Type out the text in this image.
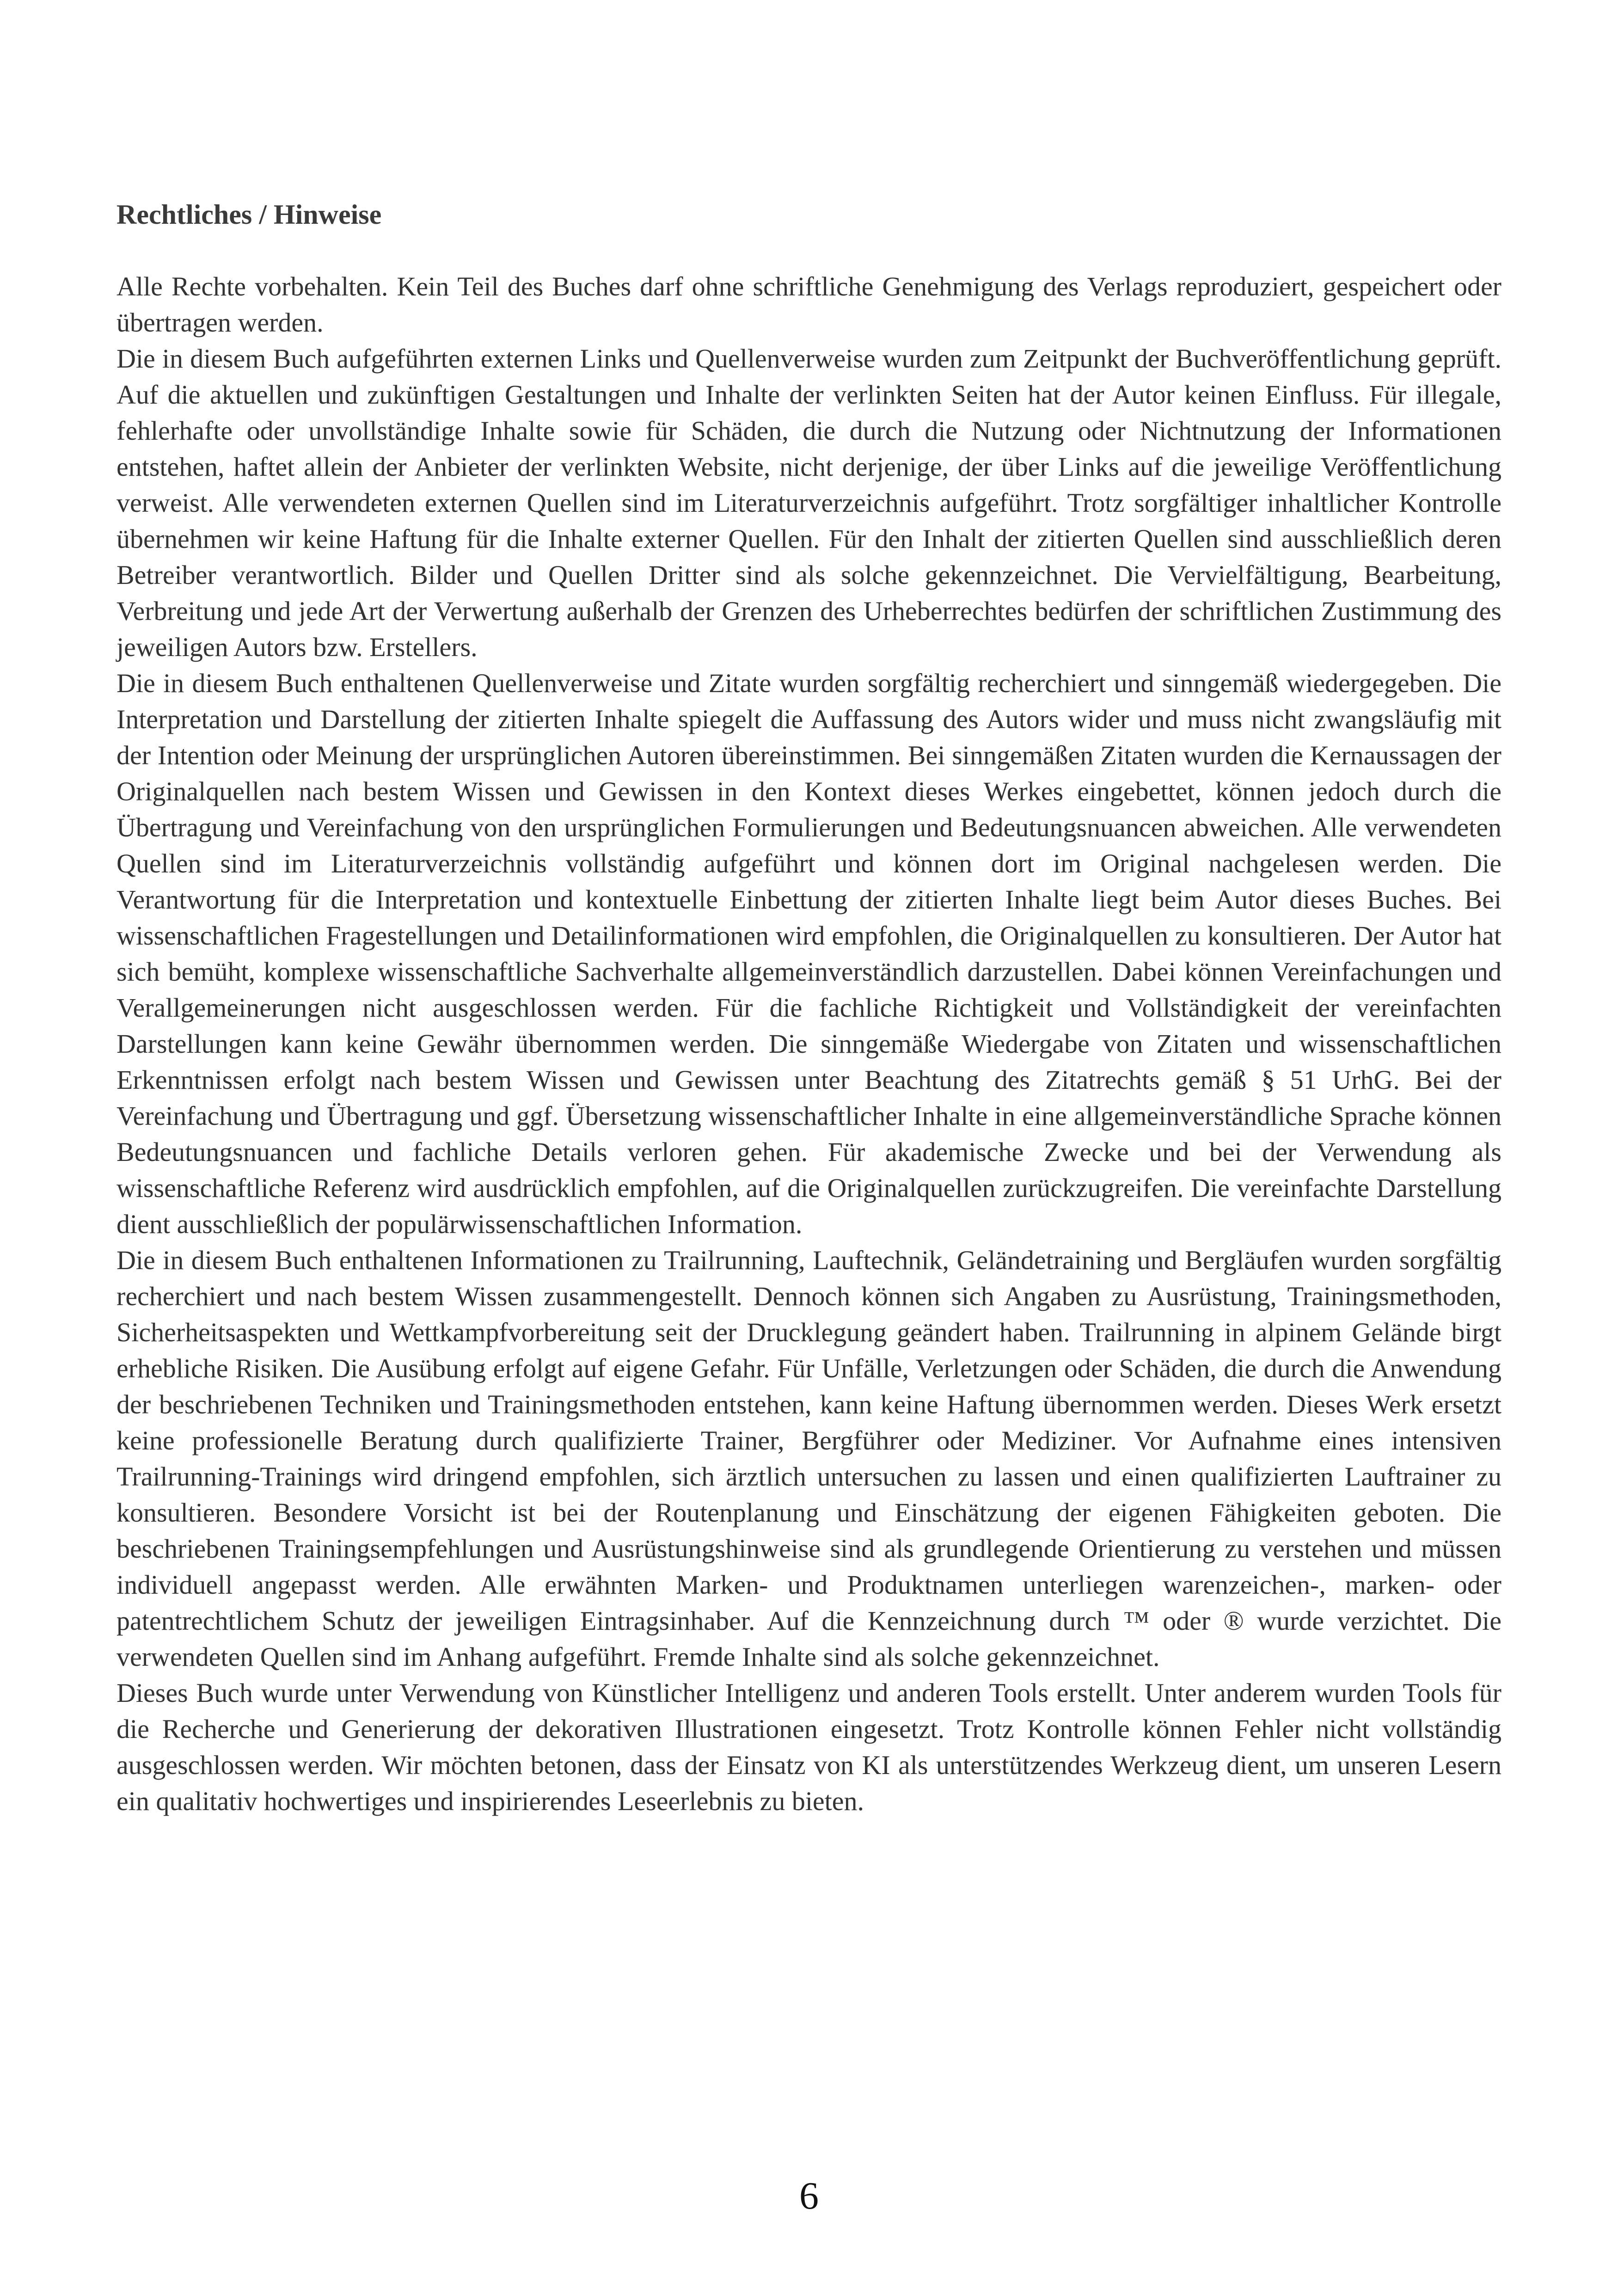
Rechtliches / Hinweise

Alle Rechte vorbehalten. Kein Teil des Buches darf ohne schriftliche Genehmigung des Verlags reproduziert, gespeichert oder übertragen werden.

Die in diesem Buch aufgeführten externen Links und Quellenverweise wurden zum Zeitpunkt der Buchveröffentlichung geprüft. Auf die aktuellen und zukünftigen Gestaltungen und Inhalte der verlinkten Seiten hat der Autor keinen Einfluss. Für illegale, fehlerhafte oder unvollständige Inhalte sowie für Schäden, die durch die Nutzung oder Nichtnutzung der Informationen entstehen, haftet allein der Anbieter der verlinkten Website, nicht derjenige, der über Links auf die jeweilige Veröffentlichung verweist. Alle verwendeten externen Quellen sind im Literaturverzeichnis aufgeführt. Trotz sorgfältiger inhaltlicher Kontrolle übernehmen wir keine Haftung für die Inhalte externer Quellen. Für den Inhalt der zitierten Quellen sind ausschließlich deren Betreiber verantwortlich. Bilder und Quellen Dritter sind als solche gekennzeichnet. Die Vervielfältigung, Bearbeitung, Verbreitung und jede Art der Verwertung außerhalb der Grenzen des Urheberrechtes bedürfen der schriftlichen Zustimmung des jeweiligen Autors bzw. Erstellers.

Die in diesem Buch enthaltenen Quellenverweise und Zitate wurden sorgfältig recherchiert und sinngemäß wiedergegeben. Die Interpretation und Darstellung der zitierten Inhalte spiegelt die Auffassung des Autors wider und muss nicht zwangsläufig mit der Intention oder Meinung der ursprünglichen Autoren übereinstimmen. Bei sinngemäßen Zitaten wurden die Kernaussagen der Originalquellen nach bestem Wissen und Gewissen in den Kontext dieses Werkes eingebettet, können jedoch durch die Übertragung und Vereinfachung von den ursprünglichen Formulierungen und Bedeutungsnuancen abweichen. Alle verwendeten Quellen sind im Literaturverzeichnis vollständig aufgeführt und können dort im Original nachgelesen werden. Die Verantwortung für die Interpretation und kontextuelle Einbettung der zitierten Inhalte liegt beim Autor dieses Buches. Bei wissenschaftlichen Fragestellungen und Detailinformationen wird empfohlen, die Originalquellen zu konsultieren. Der Autor hat sich bemüht, komplexe wissenschaftliche Sachverhalte allgemeinverständlich darzustellen. Dabei können Vereinfachungen und Verallgemeinerungen nicht ausgeschlossen werden. Für die fachliche Richtigkeit und Vollständigkeit der vereinfachten Darstellungen kann keine Gewähr übernommen werden. Die sinngemäße Wiedergabe von Zitaten und wissenschaftlichen Erkenntnissen erfolgt nach bestem Wissen und Gewissen unter Beachtung des Zitatrechts gemäß § 51 UrhG. Bei der Vereinfachung und Übertragung und ggf. Übersetzung wissenschaftlicher Inhalte in eine allgemeinverständliche Sprache können Bedeutungsnuancen und fachliche Details verloren gehen. Für akademische Zwecke und bei der Verwendung als wissenschaftliche Referenz wird ausdrücklich empfohlen, auf die Originalquellen zurückzugreifen. Die vereinfachte Darstellung dient ausschließlich der populärwissenschaftlichen Information.

Die in diesem Buch enthaltenen Informationen zu Trailrunning, Lauftechnik, Geländetraining und Bergläufen wurden sorgfältig recherchiert und nach bestem Wissen zusammengestellt. Dennoch können sich Angaben zu Ausrüstung, Trainingsmethoden, Sicherheitsaspekten und Wettkampfvorbereitung seit der Drucklegung geändert haben. Trailrunning in alpinem Gelände birgt erhebliche Risiken. Die Ausübung erfolgt auf eigene Gefahr. Für Unfälle, Verletzungen oder Schäden, die durch die Anwendung der beschriebenen Techniken und Trainingsmethoden entstehen, kann keine Haftung übernommen werden. Dieses Werk ersetzt keine professionelle Beratung durch qualifizierte Trainer, Bergführer oder Mediziner. Vor Aufnahme eines intensiven Trailrunning-Trainings wird dringend empfohlen, sich ärztlich untersuchen zu lassen und einen qualifizierten Lauftrainer zu konsultieren. Besondere Vorsicht ist bei der Routenplanung und Einschätzung der eigenen Fähigkeiten geboten. Die beschriebenen Trainingsempfehlungen und Ausrüstungshinweise sind als grundlegende Orientierung zu verstehen und müssen individuell angepasst werden. Alle erwähnten Marken- und Produktnamen unterliegen warenzeichen-, marken- oder patentrechtlichem Schutz der jeweiligen Eintragsinhaber. Auf die Kennzeichnung durch ™ oder ® wurde verzichtet. Die verwendeten Quellen sind im Anhang aufgeführt. Fremde Inhalte sind als solche gekennzeichnet.

Dieses Buch wurde unter Verwendung von Künstlicher Intelligenz und anderen Tools erstellt. Unter anderem wurden Tools für die Recherche und Generierung der dekorativen Illustrationen eingesetzt. Trotz Kontrolle können Fehler nicht vollständig ausgeschlossen werden. Wir möchten betonen, dass der Einsatz von KI als unterstützendes Werkzeug dient, um unseren Lesern ein qualitativ hochwertiges und inspirierendes Leseerlebnis zu bieten.

6
